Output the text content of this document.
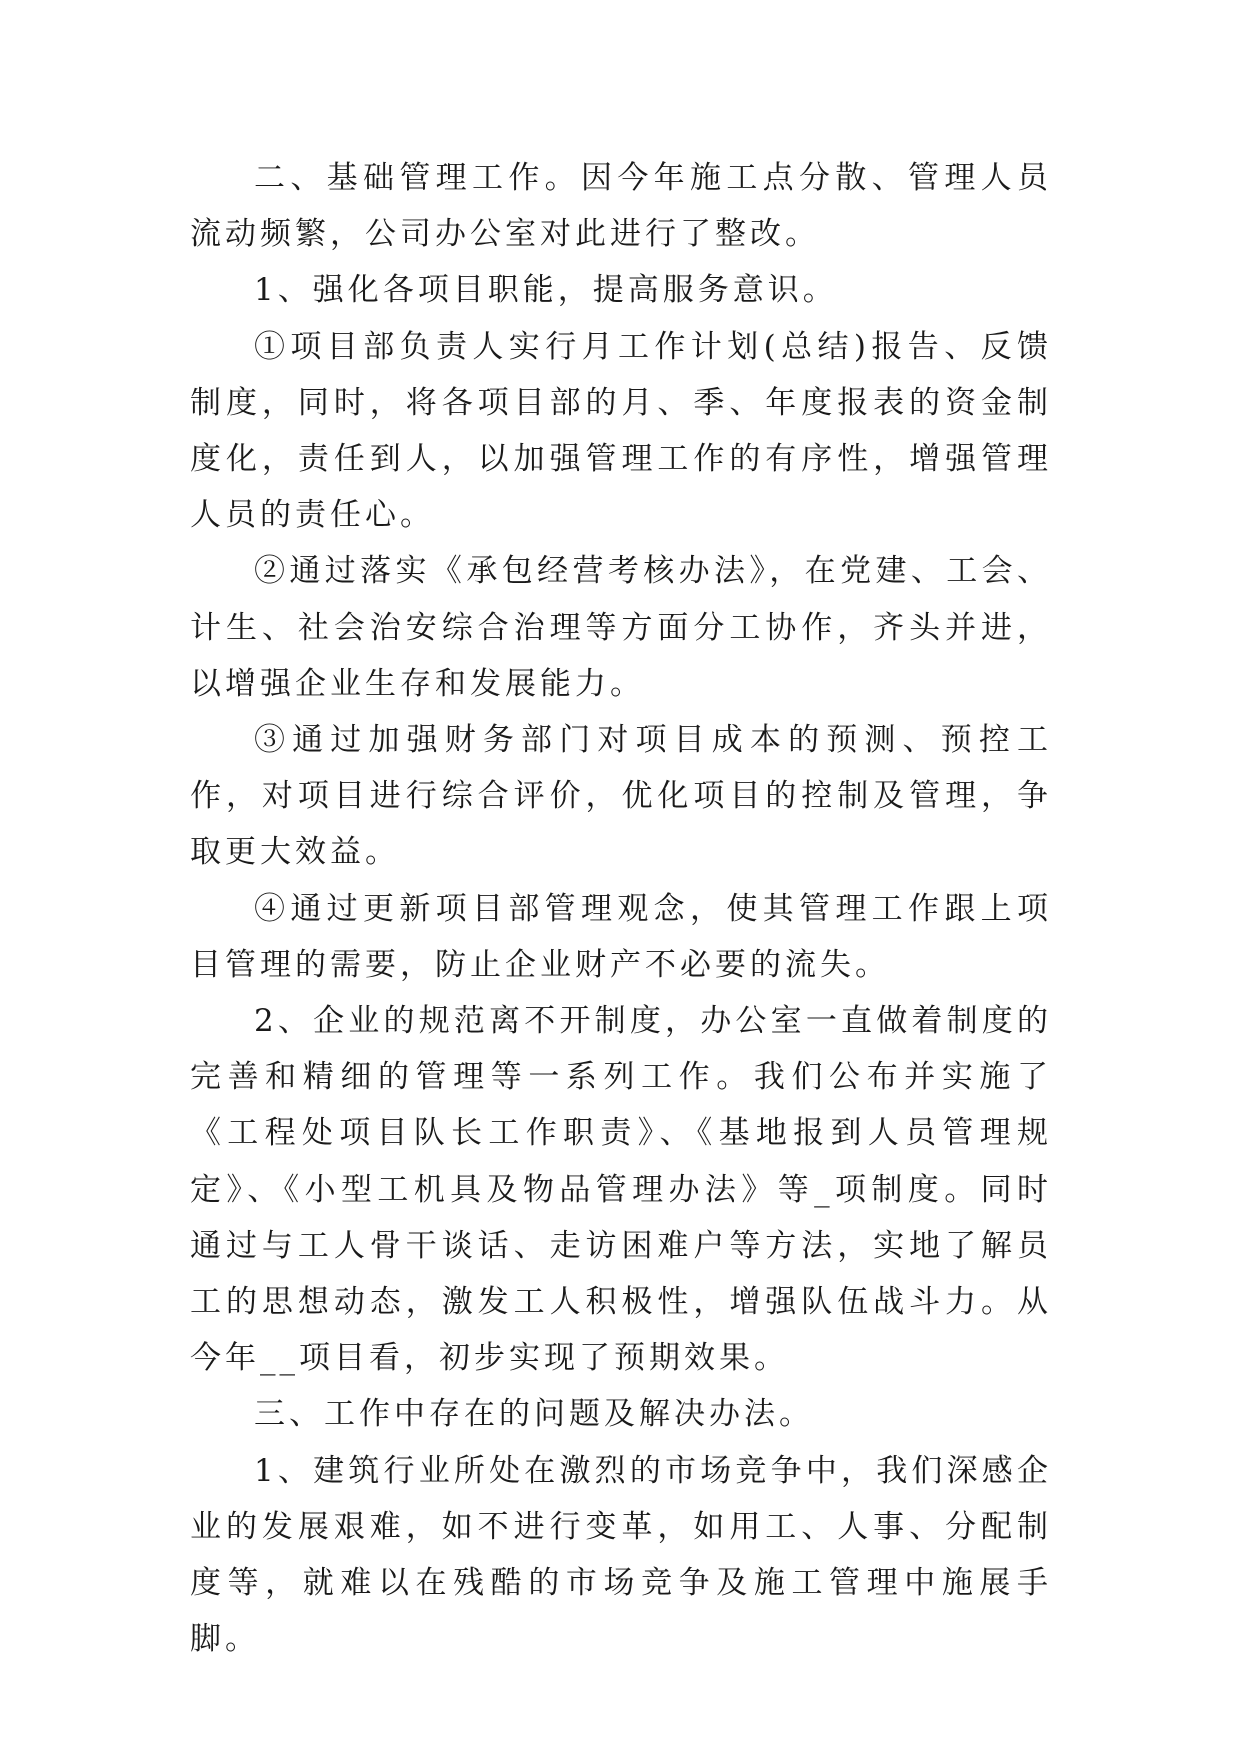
二、基础管理工作。因今年施工点分散、管理人员流动频繁，公司办公室对此进行了整改。

1、强化各项目职能，提高服务意识。

①项目部负责人实行月工作计划(总结)报告、反馈制度，同时，将各项目部的月、季、年度报表的资金制度化，责任到人，以加强管理工作的有序性，增强管理人员的责任心。

②通过落实《承包经营考核办法》，在党建、工会、计生、社会治安综合治理等方面分工协作，齐头并进，以增强企业生存和发展能力。

③通过加强财务部门对项目成本的预测、预控工作，对项目进行综合评价，优化项目的控制及管理，争取更大效益。

④通过更新项目部管理观念，使其管理工作跟上项目管理的需要，防止企业财产不必要的流失。

2、企业的规范离不开制度，办公室一直做着制度的完善和精细的管理等一系列工作。我们公布并实施了《工程处项目队长工作职责》、《基地报到人员管理规定》、《小型工机具及物品管理办法》等_项制度。同时通过与工人骨干谈话、走访困难户等方法，实地了解员工的思想动态，激发工人积极性，增强队伍战斗力。从今年__项目看，初步实现了预期效果。

三、工作中存在的问题及解决办法。

1、建筑行业所处在激烈的市场竞争中，我们深感企业的发展艰难，如不进行变革，如用工、人事、分配制度等，就难以在残酷的市场竞争及施工管理中施展手脚。
